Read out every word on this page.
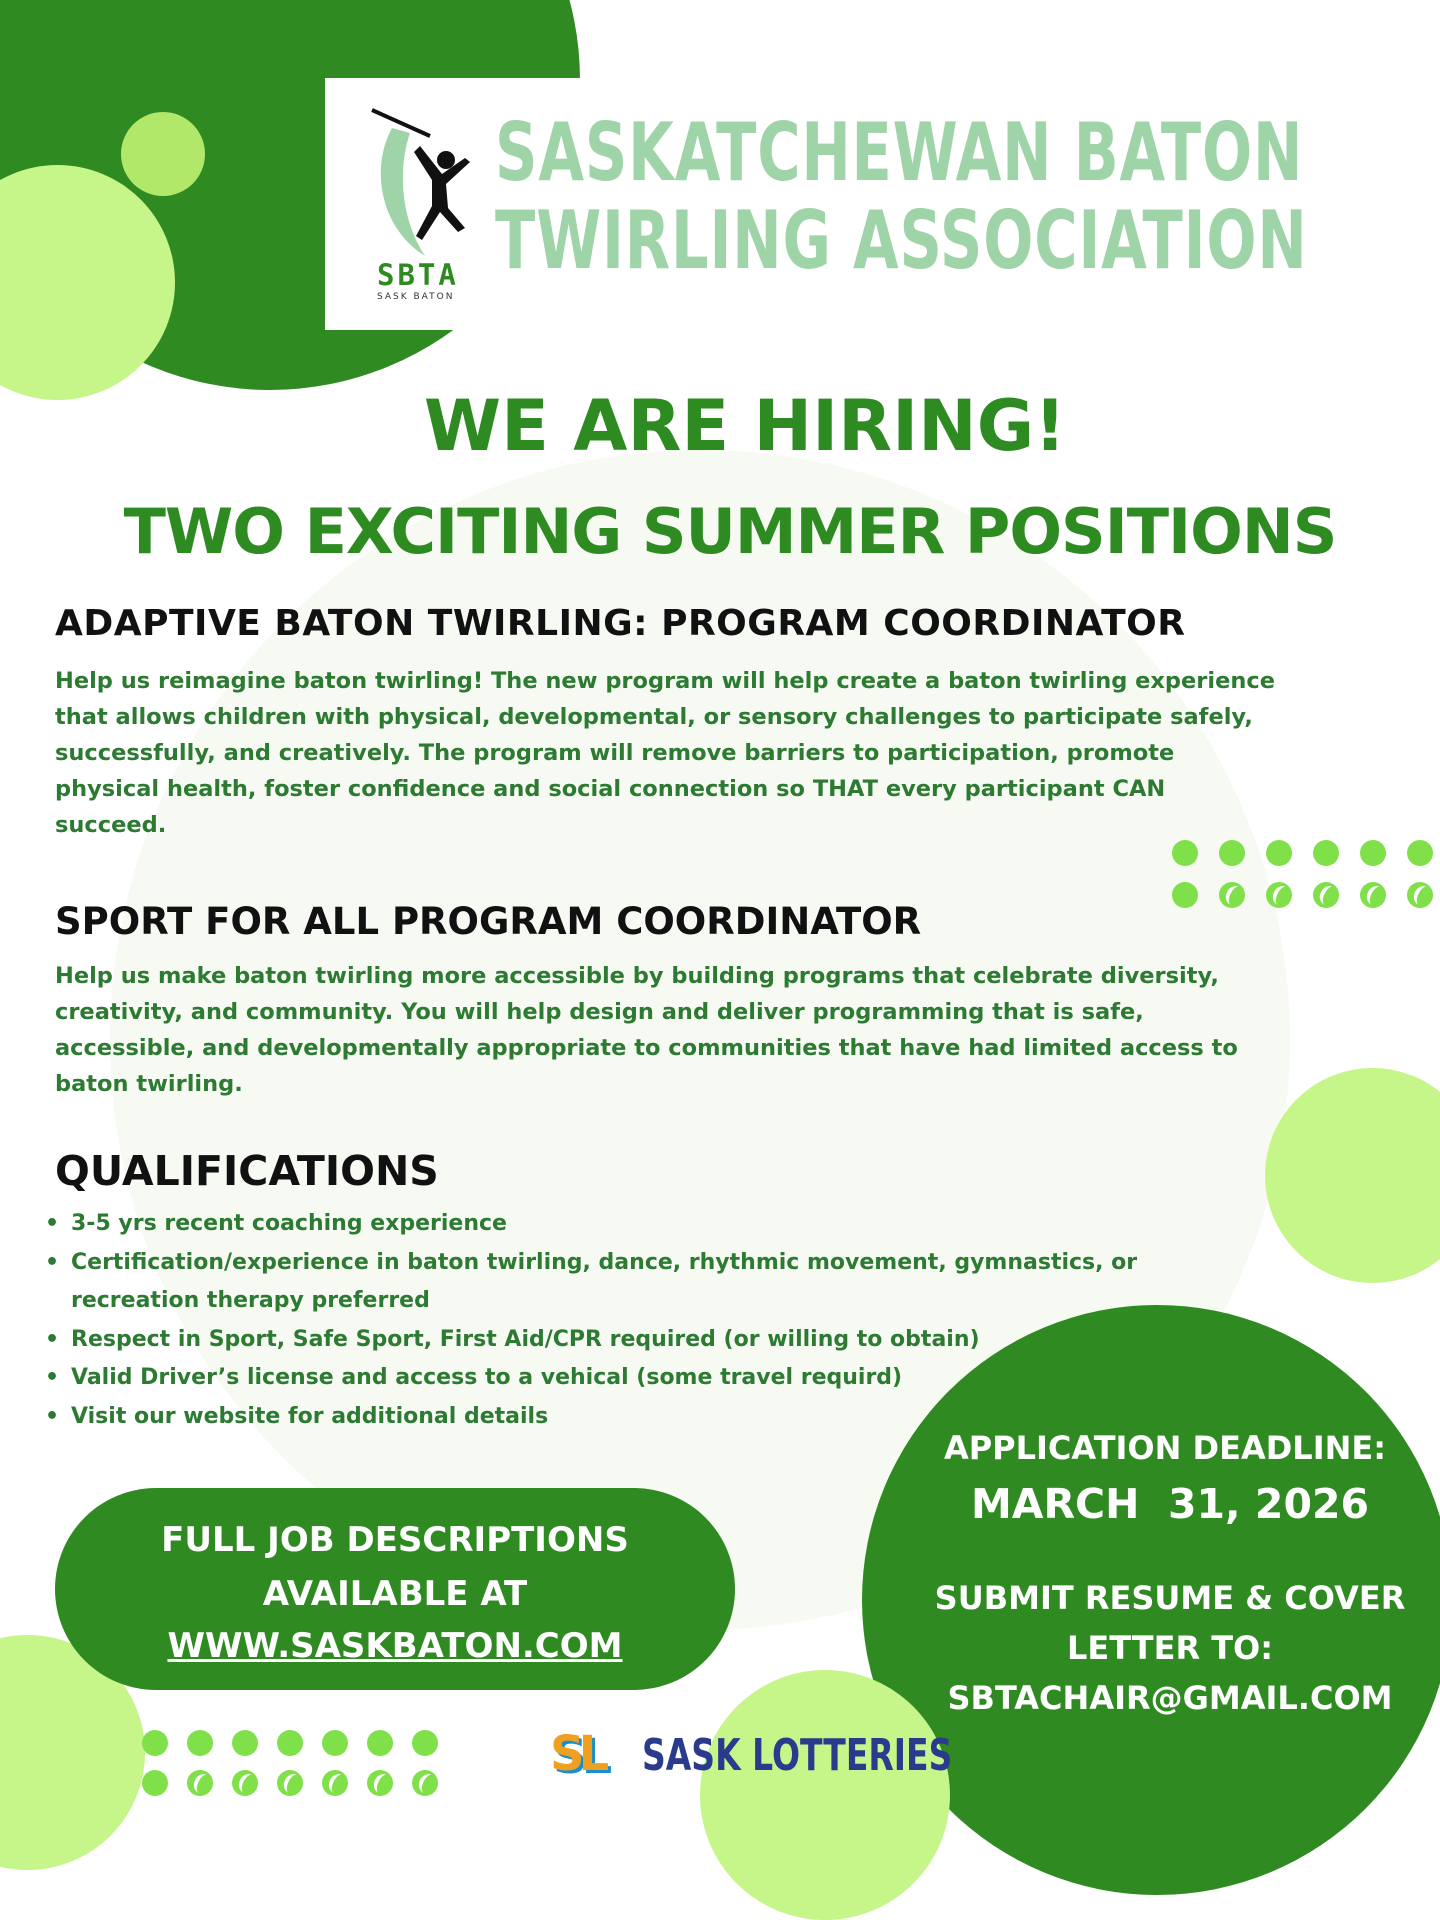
SBTA
SASK BATON
SASKATCHEWAN BATON
TWIRLING ASSOCIATION
WE ARE HIRING!
TWO EXCITING SUMMER POSITIONS
ADAPTIVE BATON TWIRLING: PROGRAM COORDINATOR
Help us reimagine baton twirling! The new program will help create a baton twirling experience
that allows children with physical, developmental, or sensory challenges to participate safely,
successfully, and creatively. The program will remove barriers to participation, promote
physical health, foster confidence and social connection so THAT every participant CAN
succeed.
SPORT FOR ALL PROGRAM COORDINATOR
Help us make baton twirling more accessible by building programs that celebrate diversity,
creativity, and community. You will help design and deliver programming that is safe,
accessible, and developmentally appropriate to communities that have had limited access to
baton twirling.
QUALIFICATIONS
• 3-5 yrs recent coaching experience
• Certification/experience in baton twirling, dance, rhythmic movement, gymnastics, or
recreation therapy preferred
• Respect in Sport, Safe Sport, First Aid/CPR required (or willing to obtain)
• Valid Driver’s license and access to a vehical (some travel requird)
• Visit our website for additional details
FULL JOB DESCRIPTIONS
AVAILABLE AT
WWW.SASKBATON.COM
APPLICATION DEADLINE:
MARCH  31, 2026
SUBMIT RESUME & COVER
LETTER TO:
SBTACHAIR@GMAIL.COM
SL SASK LOTTERIES
